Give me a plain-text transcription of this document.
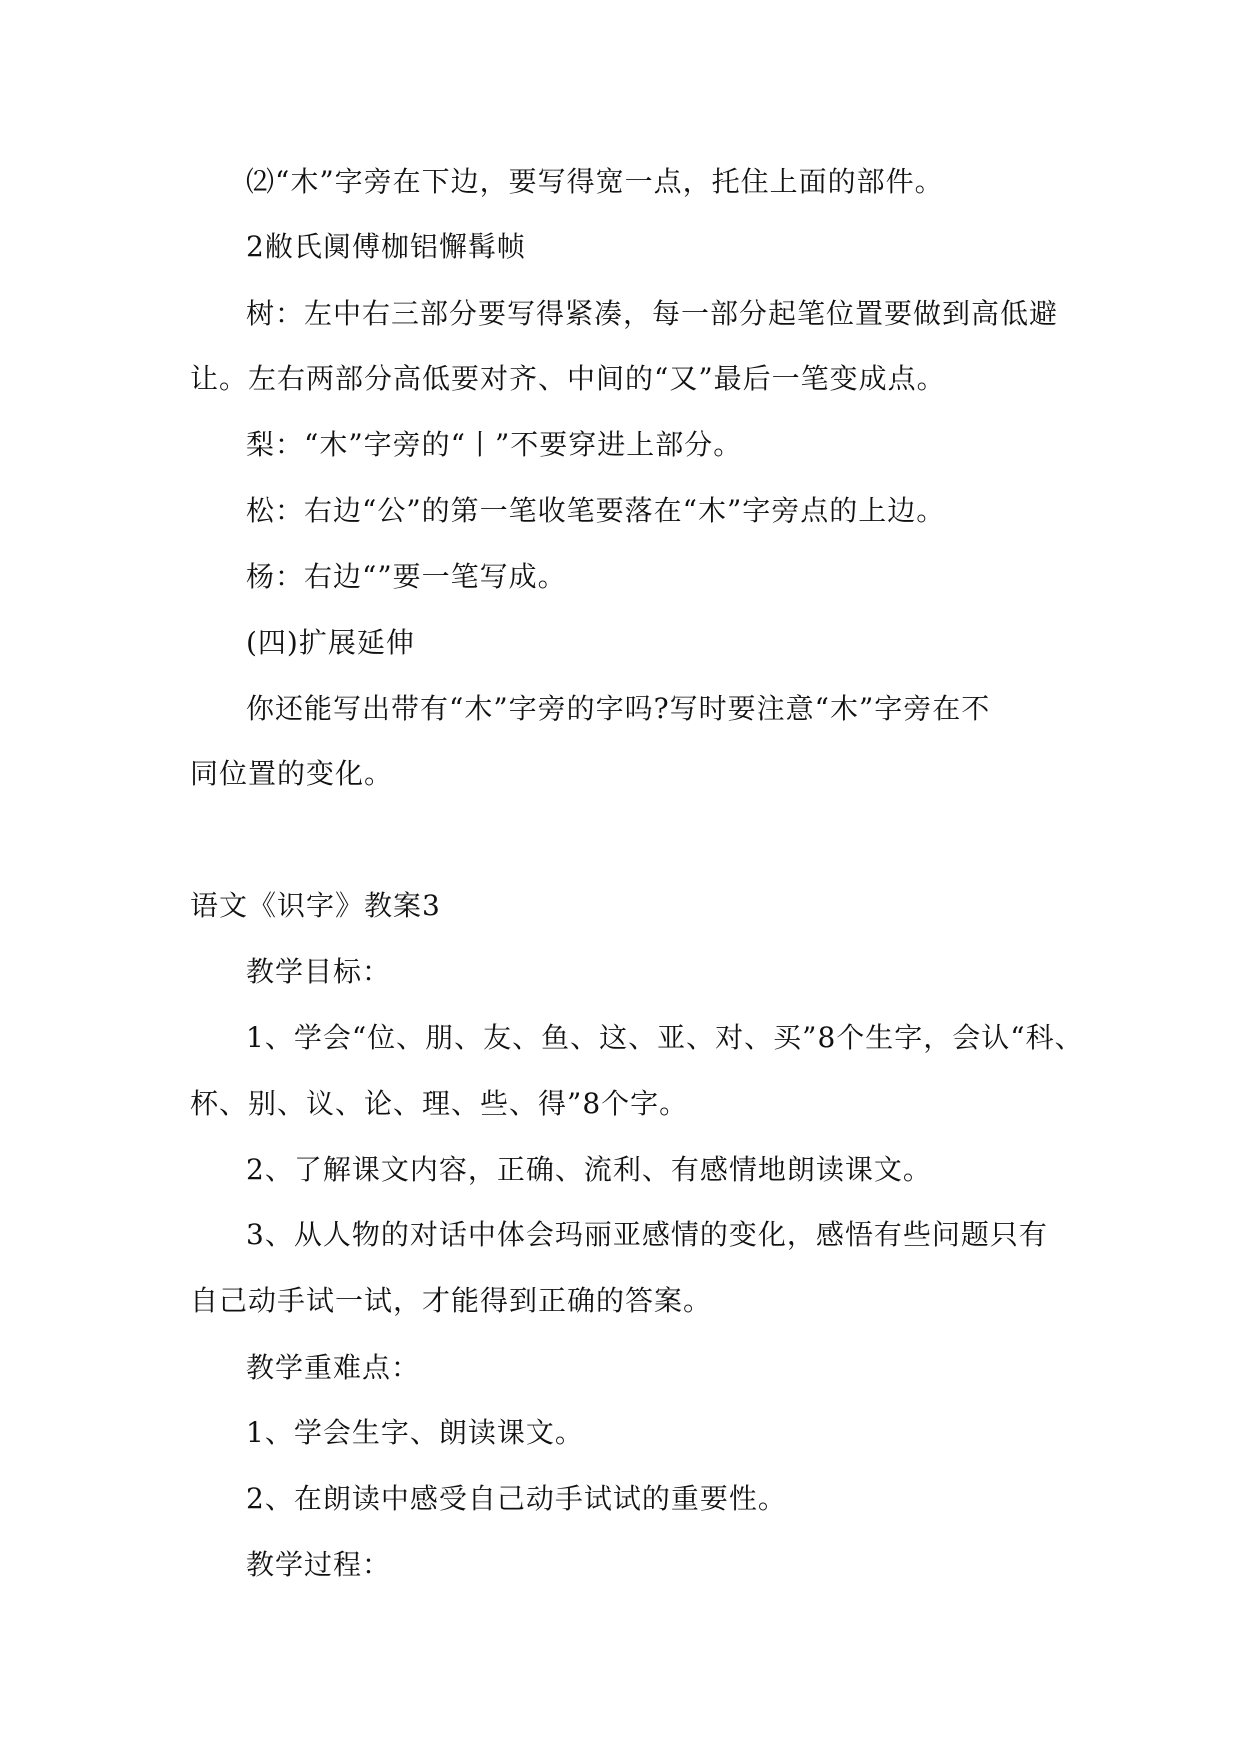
⑵“木”字旁在下边，要写得宽一点，托住上面的部件。
2敝氏阒傅枷铝懈髯帧
树：左中右三部分要写得紧凑，每一部分起笔位置要做到高低避
让。左右两部分高低要对齐、中间的“又”最后一笔变成点。
梨：“木”字旁的“丨”不要穿进上部分。
松：右边“公”的第一笔收笔要落在“木”字旁点的上边。
杨：右边“”要一笔写成。
(四)扩展延伸
你还能写出带有“木”字旁的字吗?写时要注意“木”字旁在不
同位置的变化。
语文《识字》教案3
教学目标：
1、学会“位、朋、友、鱼、这、亚、对、买”8个生字，会认“科、
杯、别、议、论、理、些、得”8个字。
2、了解课文内容，正确、流利、有感情地朗读课文。
3、从人物的对话中体会玛丽亚感情的变化，感悟有些问题只有
自己动手试一试，才能得到正确的答案。
教学重难点：
1、学会生字、朗读课文。
2、在朗读中感受自己动手试试的重要性。
教学过程：
